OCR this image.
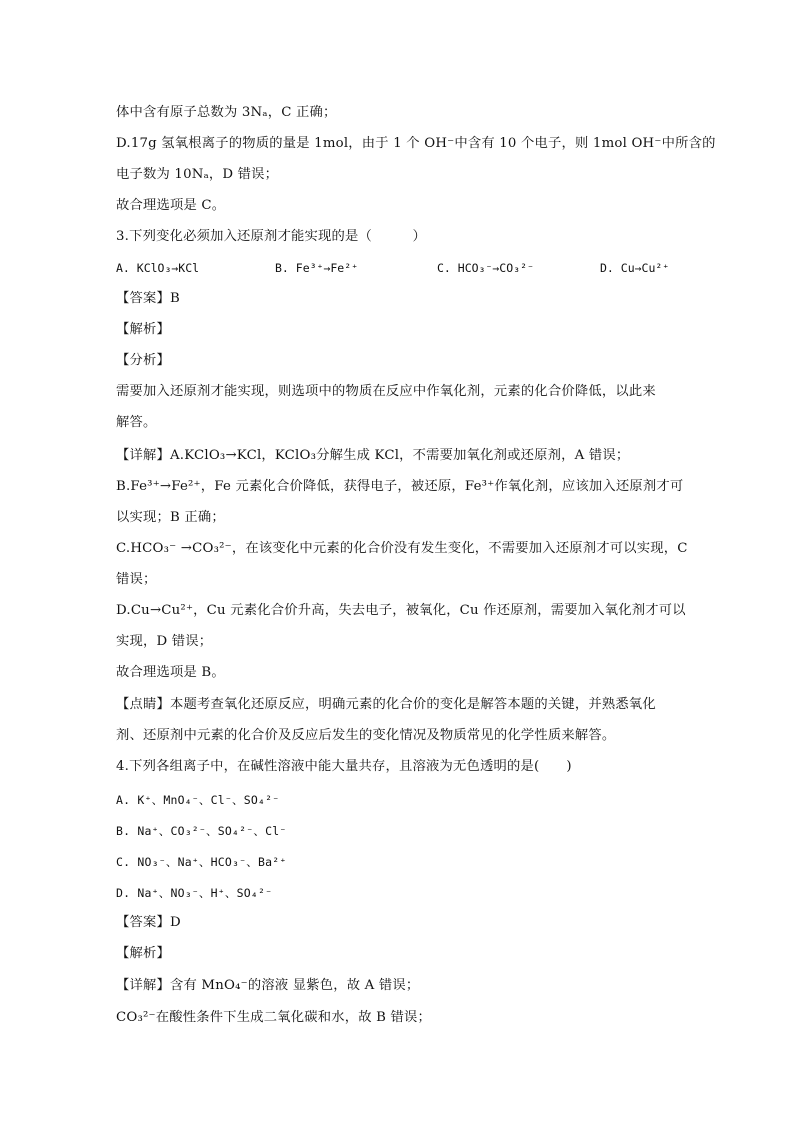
体中含有原子总数为 3Nₐ，C 正确；
D.17g 氢氧根离子的物质的量是 1mol，由于 1 个 OH⁻中含有 10 个电子，则 1mol OH⁻中所含的
电子数为 10Nₐ，D 错误；
故合理选项是 C。
3.下列变化必须加入还原剂才能实现的是（　　　）
A. KClO₃→KCl	B. Fe³⁺→Fe²⁺	C. HCO₃⁻→CO₃²⁻	D. Cu→Cu²⁺
【答案】B
【解析】
【分析】
需要加入还原剂才能实现，则选项中的物质在反应中作氧化剂，元素的化合价降低，以此来
解答。
【详解】A.KClO₃→KCl，KClO₃分解生成 KCl，不需要加氧化剂或还原剂，A 错误；
B.Fe³⁺→Fe²⁺，Fe 元素化合价降低，获得电子，被还原，Fe³⁺作氧化剂，应该加入还原剂才可
以实现；B 正确；
C.HCO₃⁻ →CO₃²⁻，在该变化中元素的化合价没有发生变化，不需要加入还原剂才可以实现，C
错误；
D.Cu→Cu²⁺，Cu 元素化合价升高，失去电子，被氧化，Cu 作还原剂，需要加入氧化剂才可以
实现，D 错误；
故合理选项是 B。
【点睛】本题考查氧化还原反应，明确元素的化合价的变化是解答本题的关键，并熟悉氧化
剂、还原剂中元素的化合价及反应后发生的变化情况及物质常见的化学性质来解答。
4.下列各组离子中，在碱性溶液中能大量共存，且溶液为无色透明的是(　　)
A. K⁺、MnO₄⁻、Cl⁻、SO₄²⁻
B. Na⁺、CO₃²⁻、SO₄²⁻、Cl⁻
C. NO₃⁻、Na⁺、HCO₃⁻、Ba²⁺
D. Na⁺、NO₃⁻、H⁺、SO₄²⁻
【答案】D
【解析】
【详解】含有 MnO₄⁻的溶液 显紫色，故 A 错误；
CO₃²⁻在酸性条件下生成二氧化碳和水，故 B 错误；
